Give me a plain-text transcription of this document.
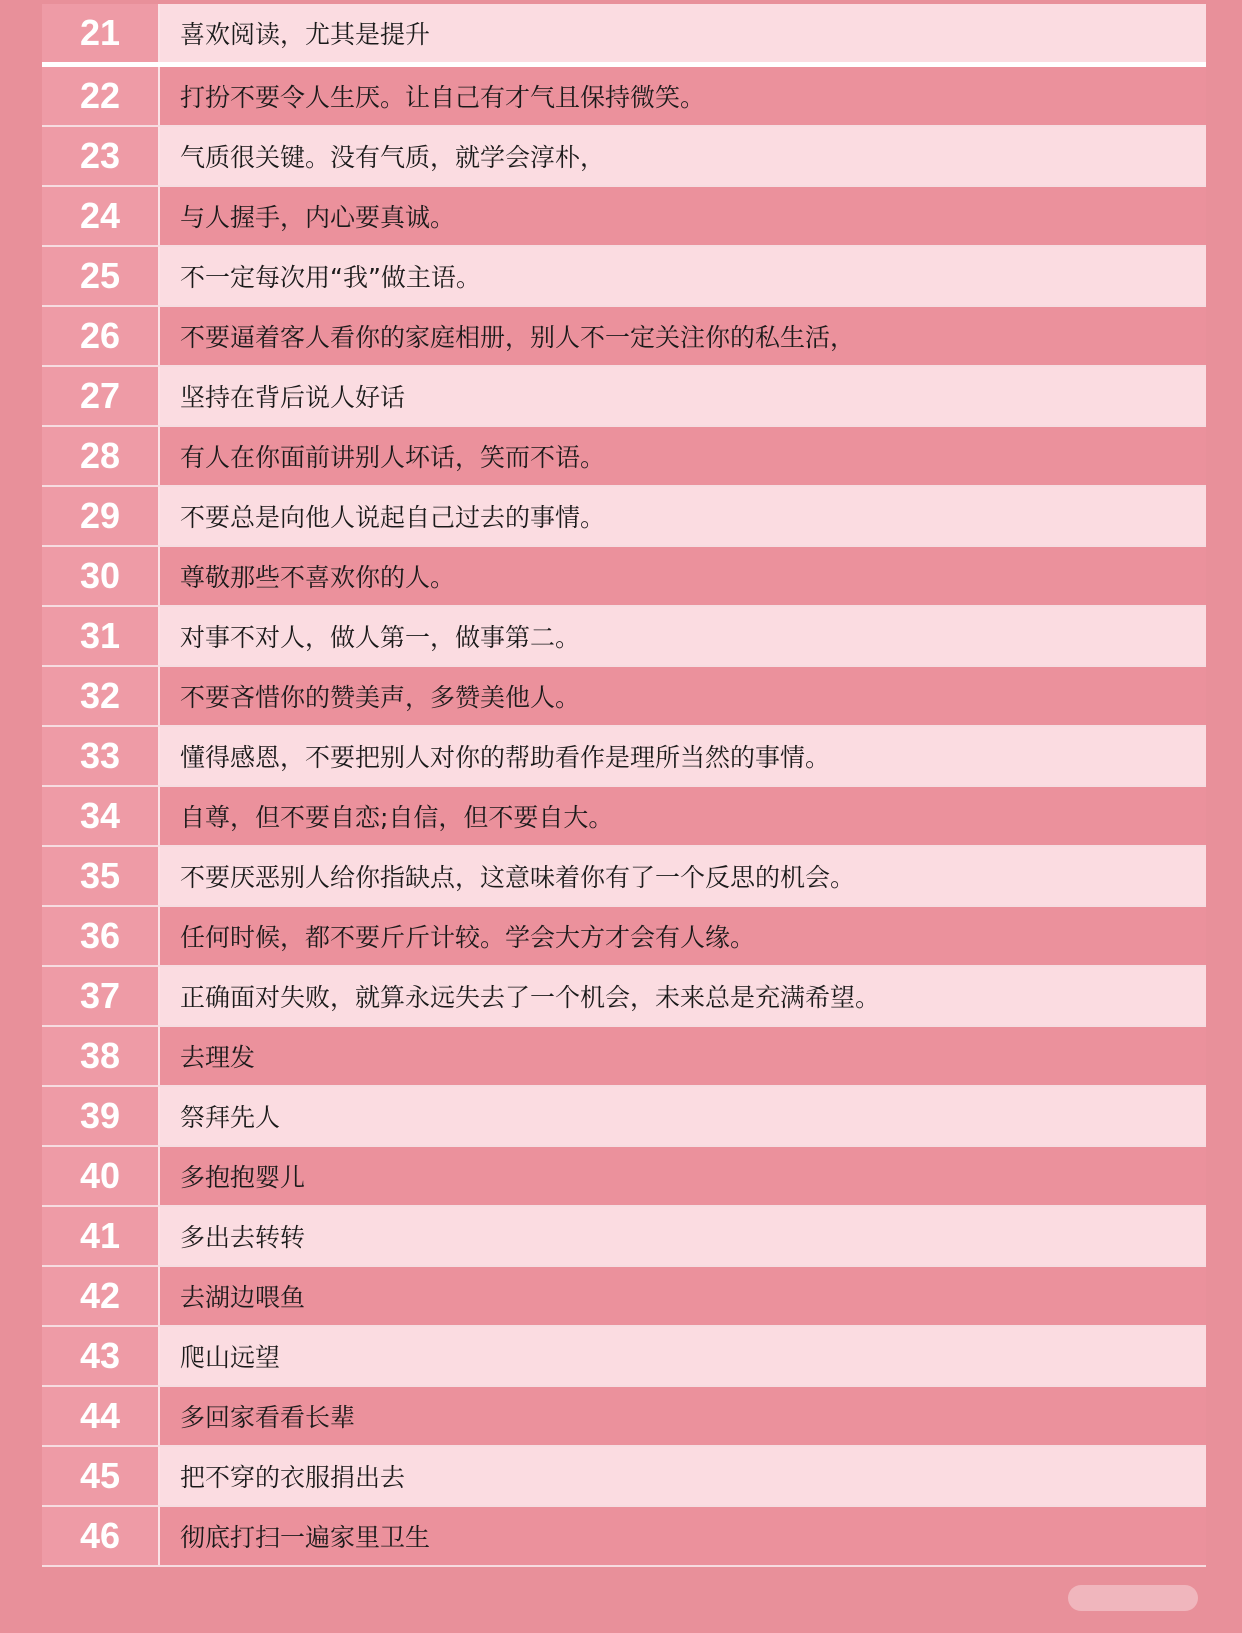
21	喜欢阅读，尤其是提升
22	打扮不要令人生厌。让自己有才气且保持微笑。
23	气质很关键。没有气质，就学会淳朴，
24	与人握手，内心要真诚。
25	不一定每次用“我”做主语。
26	不要逼着客人看你的家庭相册，别人不一定关注你的私生活，
27	坚持在背后说人好话
28	有人在你面前讲别人坏话，笑而不语。
29	不要总是向他人说起自己过去的事情。
30	尊敬那些不喜欢你的人。
31	对事不对人，做人第一，做事第二。
32	不要吝惜你的赞美声，多赞美他人。
33	懂得感恩，不要把别人对你的帮助看作是理所当然的事情。
34	自尊，但不要自恋;自信，但不要自大。
35	不要厌恶别人给你指缺点，这意味着你有了一个反思的机会。
36	任何时候，都不要斤斤计较。学会大方才会有人缘。
37	正确面对失败，就算永远失去了一个机会，未来总是充满希望。
38	去理发
39	祭拜先人
40	多抱抱婴儿
41	多出去转转
42	去湖边喂鱼
43	爬山远望
44	多回家看看长辈
45	把不穿的衣服捐出去
46	彻底打扫一遍家里卫生
